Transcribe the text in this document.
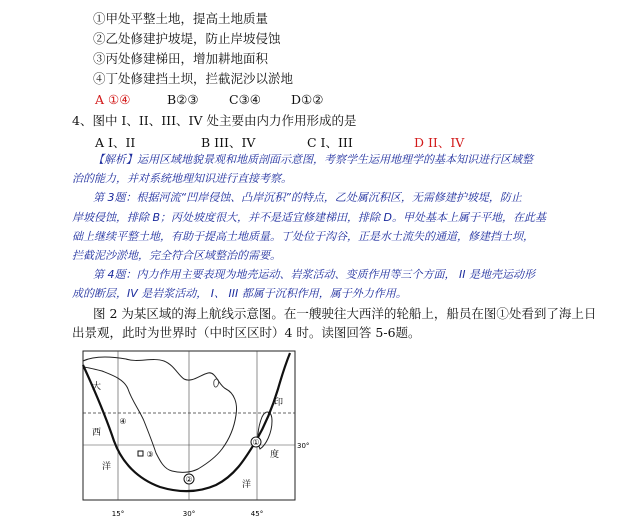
①甲处平整土地，提高土地质量
②乙处修建护坡堤，防止岸坡侵蚀
③丙处修建梯田，增加耕地面积
④丁处修建挡土坝，拦截泥沙以淤地
A ①④	B②③ C③④ D①②
4、图中 I、II、III、IV 处主要由内力作用形成的是
A I、II	B III、IV	C I、III	D II、IV
【解析】运用区域地貌景观和地质剖面示意图，考察学生运用地理学的基本知识进行区域整
治的能力，并对系统地理知识进行直接考察。
第 3题：根据河流“凹岸侵蚀、凸岸沉积”的特点，乙处属沉积区，无需修建护坡堤，防止
岸坡侵蚀，排除 B；丙处坡度很大，并不是适宜修建梯田，排除 D。甲处基本上属于平地，在此基
础上继续平整土地，有助于提高土地质量。丁处位于沟谷，正是水土流失的通道，修建挡土坝，
拦截泥沙淤地，完全符合区域整治的需要。
第 4题：内力作用主要表现为地壳运动、岩浆活动、变质作用等三个方面， II 是地壳运动形
成的断层，IV 是岩浆活动， I、 III 都属于沉积作用，属于外力作用。
图 2 为某区域的海上航线示意图。在一艘驶往大西洋的轮船上，船员在图①处看到了海上日
出景观，此时为世界时（中时区区时）4 时。读图回答 5-6题。
①
②
③
④
大
西
洋
印
度
洋
15°	30°	45°
30°
